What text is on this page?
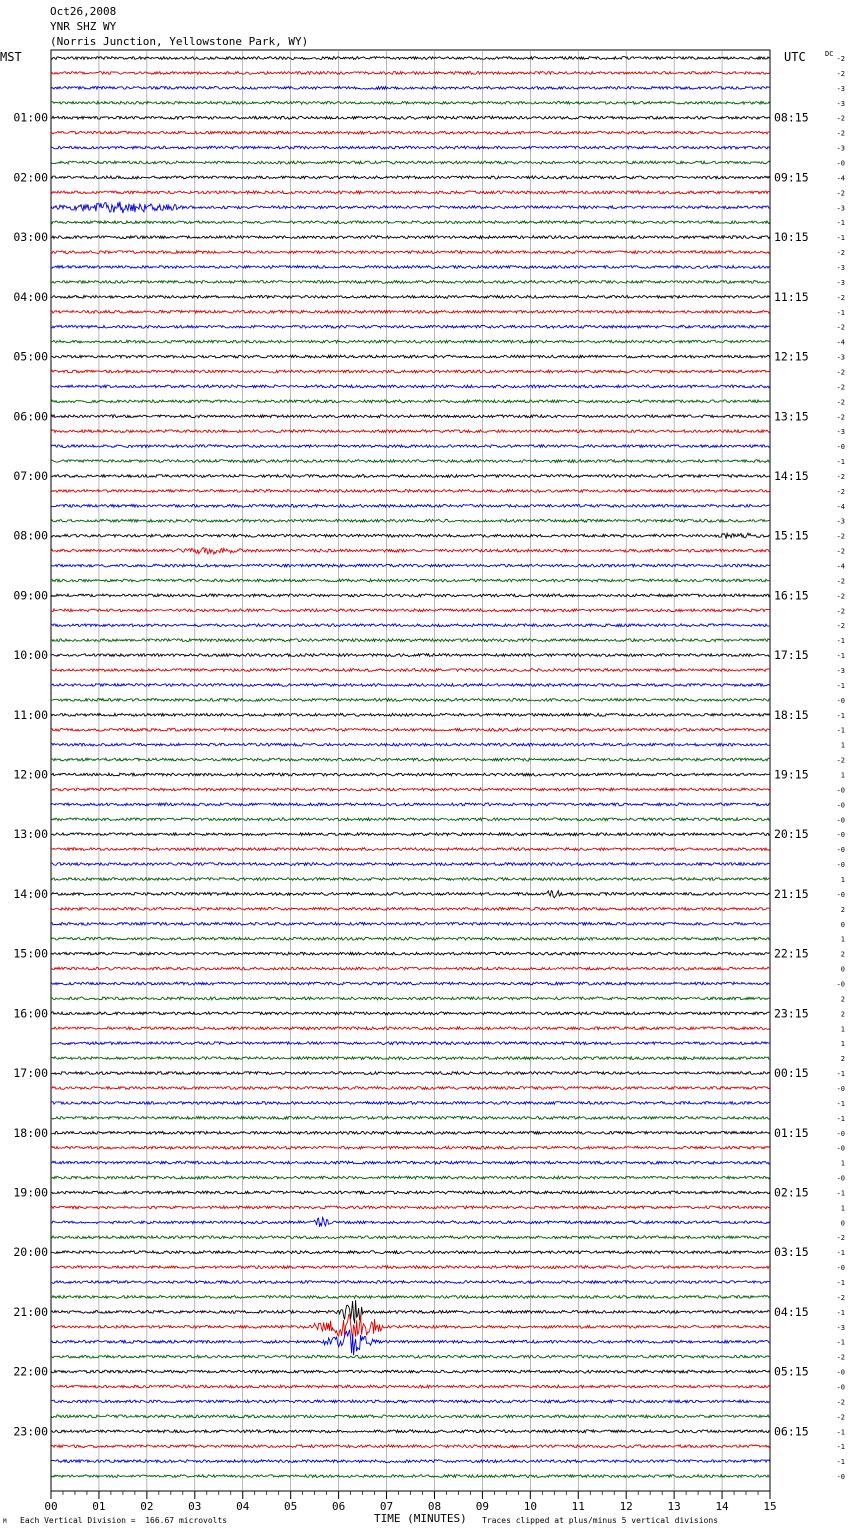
Oct26,2008
YNR SHZ WY
(Norris Junction, Yellowstone Park, WY)
MST	UTC	DC
-2
-2
-3
-3
-2
-2
-3
-0
-4
-2
-3
-1
-1
-2
-3
-3
-2
-1
-2
-4
-3
-2
-2
-2
-2
-3
-0
-1
-2
-2
-4
-3
-2
-2
-4
-2
-2
-2
-2
-1
-1
-3
-1
-0
-1
-1
1
-2
1
-0
-0
-0
-0
-0
-0
1
-0
2
0
1
2
0
-0
2
2
1
1
2
-1
-0
-1
-1
-0
-0
1
-0
-1
1
0
-2
-1
-0
-1
-2
-1
-3
-1
-2
-0
-0
-2
-2
-1
-1
-1
-0
01:00
02:00
03:00
04:00
05:00
06:00
07:00
08:00
09:00
10:00
11:00
12:00
13:00
14:00
15:00
16:00
17:00
18:00
19:00
20:00
21:00
22:00
23:00
08:15
09:15
10:15
11:15
12:15
13:15
14:15
15:15
16:15
17:15
18:15
19:15
20:15
21:15
22:15
23:15
00:15
01:15
02:15
03:15
04:15
05:15
06:15
00	01	02	03	04	05	06	07	08	09	10	11	12	13	14	15
M Each Vertical Division =  166.67 microvolts	TIME (MINUTES) Traces clipped at plus/minus 5 vertical divisions
